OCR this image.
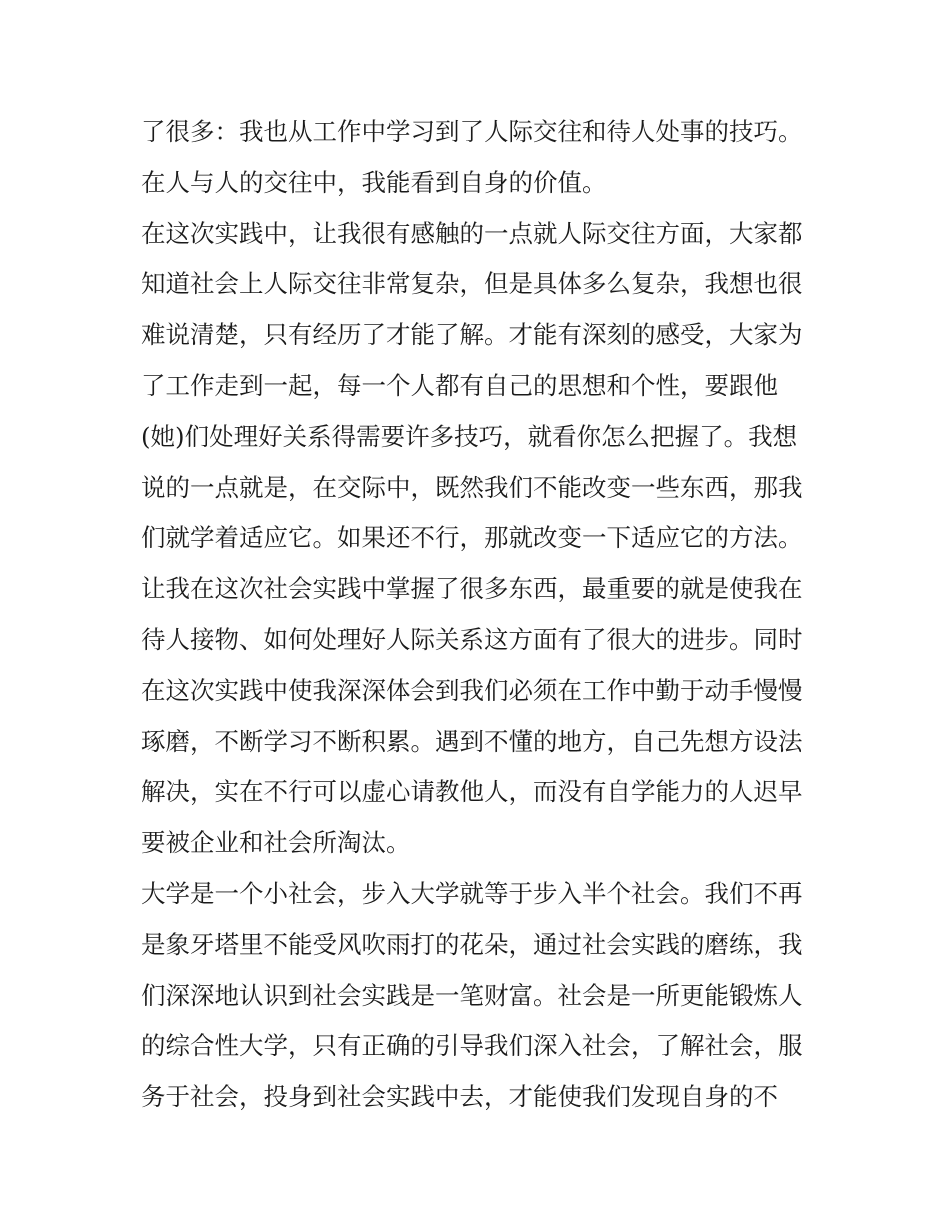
了很多：我也从工作中学习到了人际交往和待人处事的技巧。
在人与人的交往中，我能看到自身的价值。
在这次实践中，让我很有感触的一点就人际交往方面，大家都
知道社会上人际交往非常复杂，但是具体多么复杂，我想也很
难说清楚，只有经历了才能了解。才能有深刻的感受，大家为
了工作走到一起，每一个人都有自己的思想和个性，要跟他
(她)们处理好关系得需要许多技巧，就看你怎么把握了。我想
说的一点就是，在交际中，既然我们不能改变一些东西，那我
们就学着适应它。如果还不行，那就改变一下适应它的方法。
让我在这次社会实践中掌握了很多东西，最重要的就是使我在
待人接物、如何处理好人际关系这方面有了很大的进步。同时
在这次实践中使我深深体会到我们必须在工作中勤于动手慢慢
琢磨，不断学习不断积累。遇到不懂的地方，自己先想方设法
解决，实在不行可以虚心请教他人，而没有自学能力的人迟早
要被企业和社会所淘汰。
大学是一个小社会，步入大学就等于步入半个社会。我们不再
是象牙塔里不能受风吹雨打的花朵，通过社会实践的磨练，我
们深深地认识到社会实践是一笔财富。社会是一所更能锻炼人
的综合性大学，只有正确的引导我们深入社会，了解社会，服
务于社会，投身到社会实践中去，才能使我们发现自身的不
